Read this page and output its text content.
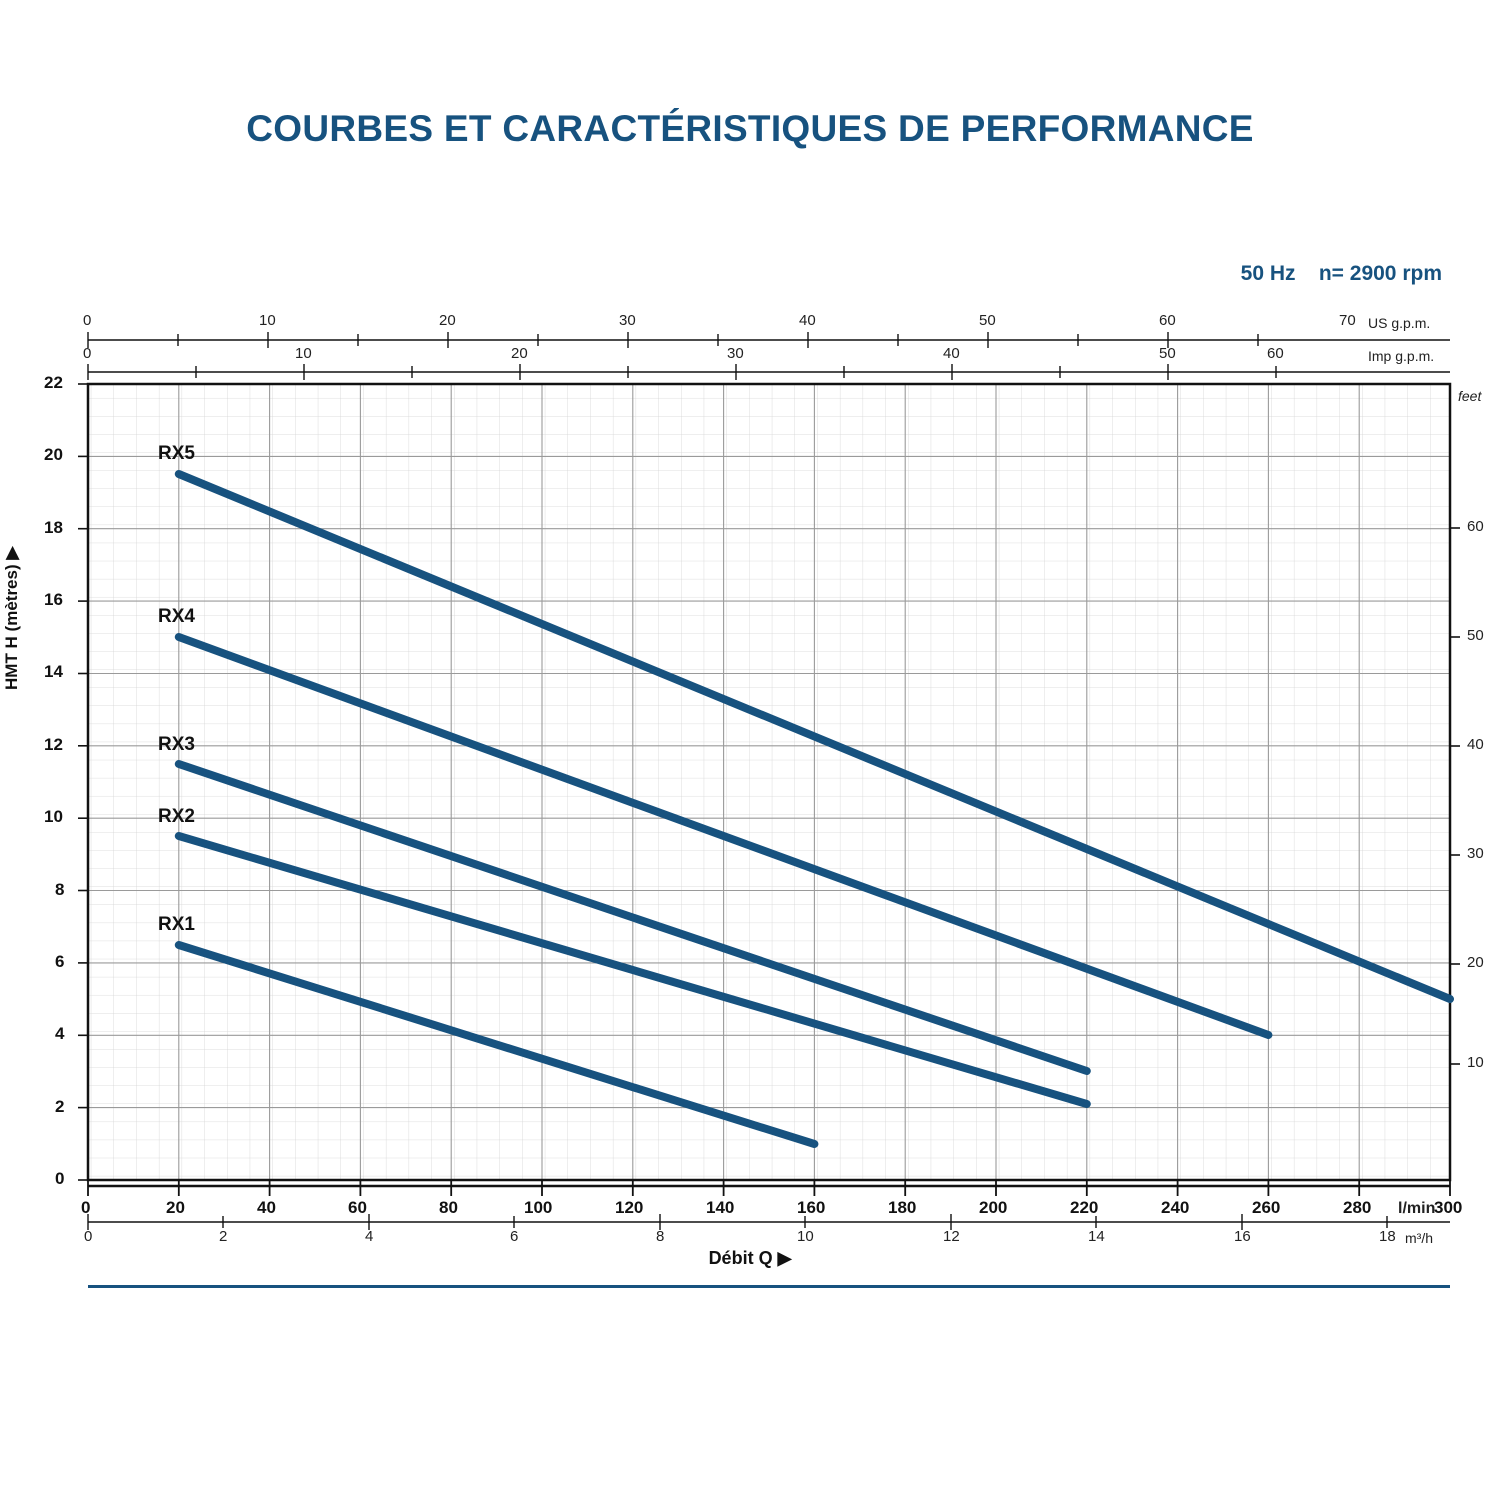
COURBES ET CARACTÉRISTIQUES DE PERFORMANCE
50 Hz n= 2900 rpm
0	10	20	30	40	50	60	70 US g.p.m.
0	10	20	30	40	50	60	Imp g.p.m.
22
20
18
16
14
12
10
8
6
4
2
0
10
20
30
40
50
60
feet
0	20	40	60	80	100	120	140	160	180	200	220	240	260	280	300
l/min
0	2	4	6	8	10	12	14	16	18 m³/h
RX5
RX4
RX3
RX2
RX1
HMT H (mètres) ▶
Débit Q ▶
